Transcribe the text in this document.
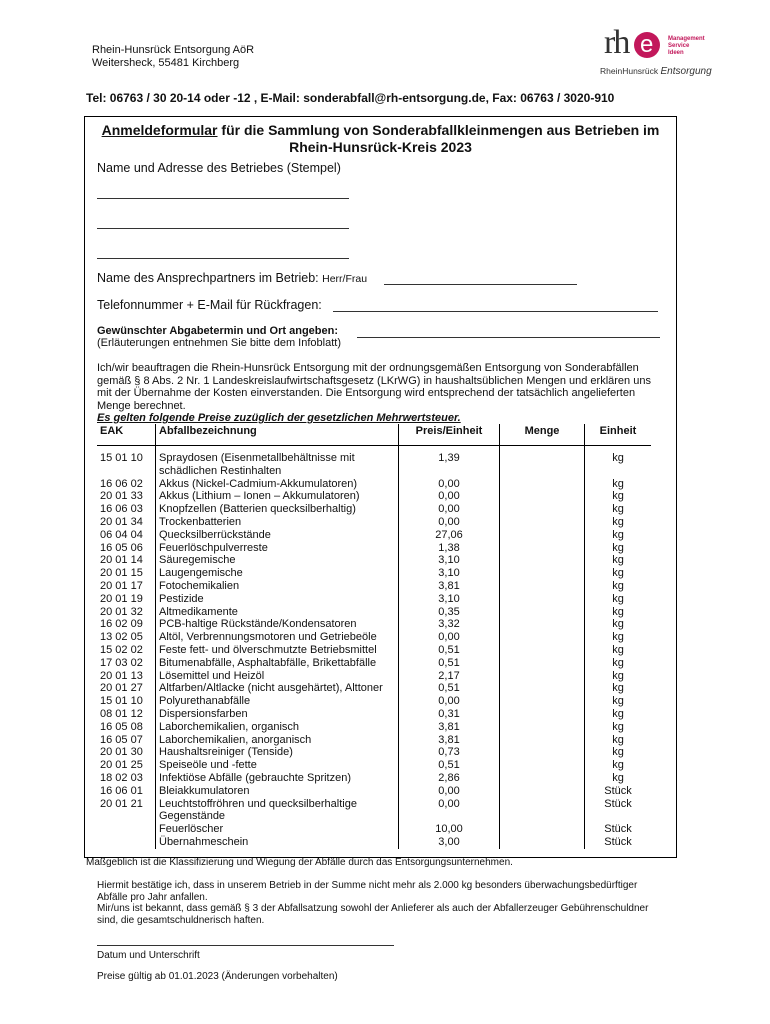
Rhein-Hunsrück Entsorgung AöR
Weitersheck, 55481 Kirchberg
rh e Management
Service
Ideen
RheinHunsrück Entsorgung
Tel: 06763 / 30 20-14 oder -12 , E-Mail: sonderabfall@rh-entsorgung.de, Fax: 06763 / 3020-910
Anmeldeformular für die Sammlung von Sonderabfallkleinmengen aus Betrieben im
Rhein-Hunsrück-Kreis 2023
Name und Adresse des Betriebes (Stempel)
Name des Ansprechpartners im Betrieb: Herr/Frau
Telefonnummer + E-Mail für Rückfragen:
Gewünschter Abgabetermin und Ort angeben:
(Erläuterungen entnehmen Sie bitte dem Infoblatt)
Ich/wir beauftragen die Rhein-Hunsrück Entsorgung mit der ordnungsgemäßen Entsorgung von Sonderabfällen gemäß § 8 Abs. 2 Nr. 1 Landeskreislaufwirtschaftsgesetz (LKrWG) in haushaltsüblichen Mengen und erklären uns mit der Übernahme der Kosten einverstanden. Die Entsorgung wird entsprechend der tatsächlich angelieferten Menge berechnet.
Es gelten folgende Preise zuzüglich der gesetzlichen Mehrwertsteuer.
EAK	Abfallbezeichnung	Preis/Einheit	Menge	Einheit

15 01 10	Spraydosen (Eisenmetallbehältnisse mit schädlichen Restinhalten	1,39		kg
16 06 02	Akkus (Nickel-Cadmium-Akkumulatoren)	0,00		kg
20 01 33	Akkus (Lithium – Ionen – Akkumulatoren)	0,00		kg
16 06 03	Knopfzellen (Batterien quecksilberhaltig)	0,00		kg
20 01 34	Trockenbatterien	0,00		kg
06 04 04	Quecksilberrückstände	27,06		kg
16 05 06	Feuerlöschpulverreste	1,38		kg
20 01 14	Säuregemische	3,10		kg
20 01 15	Laugengemische	3,10		kg
20 01 17	Fotochemikalien	3,81		kg
20 01 19	Pestizide	3,10		kg
20 01 32	Altmedikamente	0,35		kg
16 02 09	PCB-haltige Rückstände/Kondensatoren	3,32		kg
13 02 05	Altöl, Verbrennungsmotoren und Getriebeöle	0,00		kg
15 02 02	Feste fett- und ölverschmutzte Betriebsmittel	0,51		kg
17 03 02	Bitumenabfälle, Asphaltabfälle, Brikettabfälle	0,51		kg
20 01 13	Lösemittel und Heizöl	2,17		kg
20 01 27	Altfarben/Altlacke (nicht ausgehärtet), Alttoner	0,51		kg
15 01 10	Polyurethanabfälle	0,00		kg
08 01 12	Dispersionsfarben	0,31		kg
16 05 08	Laborchemikalien, organisch	3,81		kg
16 05 07	Laborchemikalien, anorganisch	3,81		kg
20 01 30	Haushaltsreiniger (Tenside)	0,73		kg
20 01 25	Speiseöle und -fette	0,51		kg
18 02 03	Infektiöse Abfälle (gebrauchte Spritzen)	2,86		kg
16 06 01	Bleiakkumulatoren	0,00		Stück
20 01 21	Leuchtstoffröhren und quecksilberhaltige Gegenstände	0,00		Stück
	Feuerlöscher	10,00		Stück
	Übernahmeschein	3,00		Stück
Maßgeblich ist die Klassifizierung und Wiegung der Abfälle durch das Entsorgungsunternehmen.
Hiermit bestätige ich, dass in unserem Betrieb in der Summe nicht mehr als 2.000 kg besonders überwachungsbedürftiger Abfälle pro Jahr anfallen.
Mir/uns ist bekannt, dass gemäß § 3 der Abfallsatzung sowohl der Anlieferer als auch der Abfallerzeuger Gebührenschuldner sind, die gesamtschuldnerisch haften.
Datum und Unterschrift
Preise gültig ab 01.01.2023 (Änderungen vorbehalten)
